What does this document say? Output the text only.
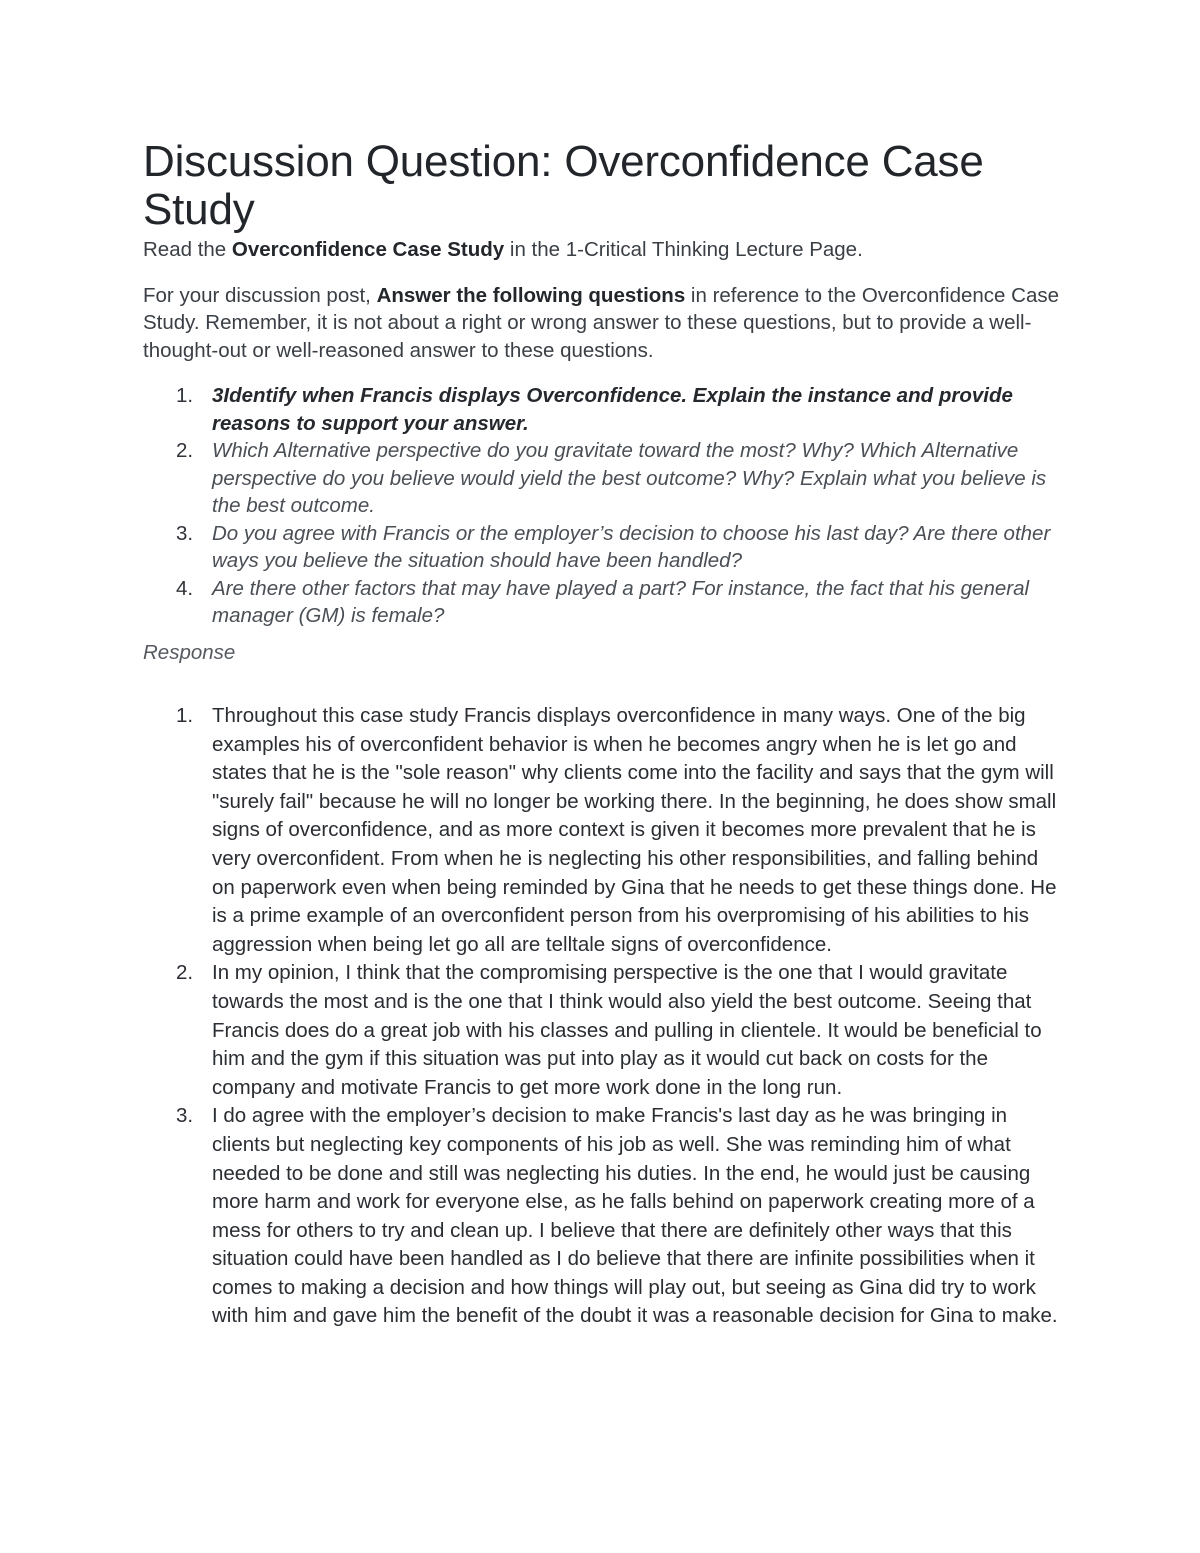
Discussion Question: Overconfidence Case Study

Read the Overconfidence Case Study in the 1-Critical Thinking Lecture Page.

For your discussion post, Answer the following questions in reference to the Overconfidence Case Study. Remember, it is not about a right or wrong answer to these questions, but to provide a well-thought-out or well-reasoned answer to these questions.

1. 3Identify when Francis displays Overconfidence. Explain the instance and provide reasons to support your answer.
2. Which Alternative perspective do you gravitate toward the most? Why? Which Alternative perspective do you believe would yield the best outcome? Why? Explain what you believe is the best outcome.
3. Do you agree with Francis or the employer’s decision to choose his last day? Are there other ways you believe the situation should have been handled?
4. Are there other factors that may have played a part? For instance, the fact that his general manager (GM) is female?

Response

1. Throughout this case study Francis displays overconfidence in many ways. One of the big examples his of overconfident behavior is when he becomes angry when he is let go and states that he is the "sole reason" why clients come into the facility and says that the gym will "surely fail" because he will no longer be working there. In the beginning, he does show small signs of overconfidence, and as more context is given it becomes more prevalent that he is very overconfident. From when he is neglecting his other responsibilities, and falling behind on paperwork even when being reminded by Gina that he needs to get these things done. He is a prime example of an overconfident person from his overpromising of his abilities to his aggression when being let go all are telltale signs of overconfidence.
2. In my opinion, I think that the compromising perspective is the one that I would gravitate towards the most and is the one that I think would also yield the best outcome. Seeing that Francis does do a great job with his classes and pulling in clientele. It would be beneficial to him and the gym if this situation was put into play as it would cut back on costs for the company and motivate Francis to get more work done in the long run.
3. I do agree with the employer’s decision to make Francis's last day as he was bringing in clients but neglecting key components of his job as well. She was reminding him of what needed to be done and still was neglecting his duties. In the end, he would just be causing more harm and work for everyone else, as he falls behind on paperwork creating more of a mess for others to try and clean up. I believe that there are definitely other ways that this situation could have been handled as I do believe that there are infinite possibilities when it comes to making a decision and how things will play out, but seeing as Gina did try to work with him and gave him the benefit of the doubt it was a reasonable decision for Gina to make.
